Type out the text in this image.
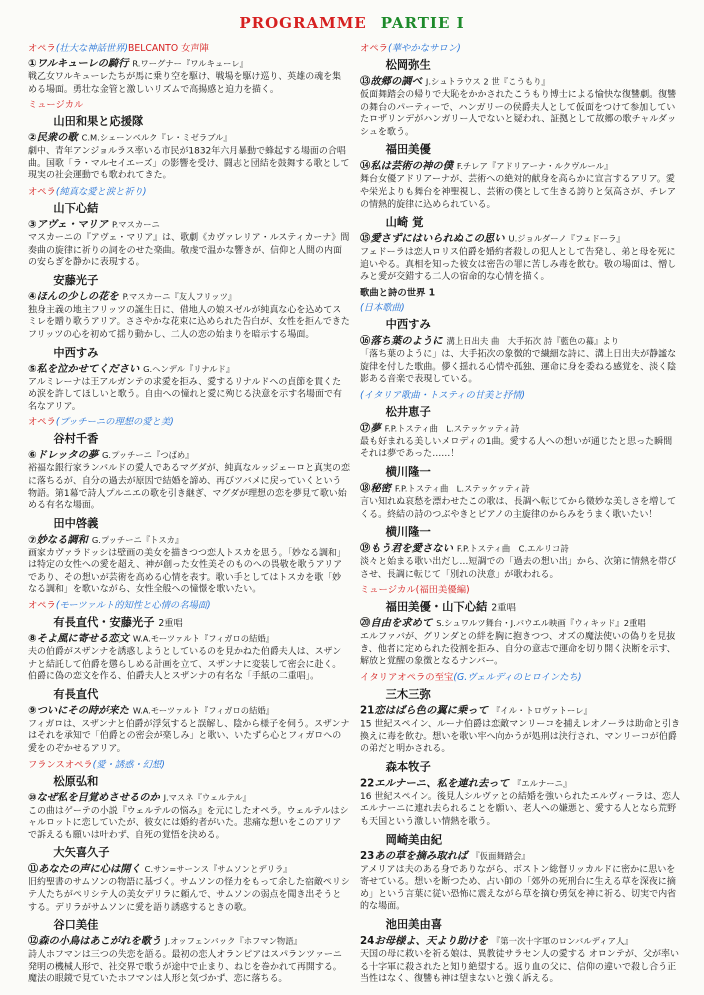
PROGRAMME PARTIE I
オペラ(壮大な神話世界)BELCANTO 女声陣
①ワルキューレの騎行 R.ワーグナー『ワルキューレ』
戦乙女ワルキューレたちが馬に乗り空を駆け、戦場を駆け巡り、英雄の魂を集める場面。勇壮な金管と激しいリズムで高揚感と迫力を描く。
ミュージカル
山田和果と応援隊
②民衆の歌 C.M.シェーンベルク『レ・ミゼラブル』
劇中、青年アンジョルラス率いる市民が1832年六月暴動で蜂起する場面の合唱曲。国歌「ラ・マルセイエーズ」の影響を受け、闘志と団結を鼓舞する歌として現実の社会運動でも歌われてきた。
オペラ(純真な愛と涙と祈り)
山下心結
③アヴェ・マリア P.マスカーニ
マスカーニの『アヴェ・マリア』は、歌劇《カヴァレリア・ルスティカーナ》間奏曲の旋律に祈りの詞をのせた楽曲。敬虔で温かな響きが、信仰と人間の内面の安らぎを静かに表現する。
安藤光子
④ほんの少しの花を P.マスカーニ『友人フリッツ』
独身主義の地主フリッツの誕生日に、借地人の娘スゼルが純真な心を込めてスミレを贈り歌うアリア。ささやかな花束に込められた告白が、女性を拒んできたフリッツの心を初めて揺り動かし、二人の恋の始まりを暗示する場面。
中西すみ
⑤私を泣かせてください G.ヘンデル『リナルド』
アルミレーナは王アルガンテの求愛を拒み、愛するリナルドへの貞節を貫くため涙を許してほしいと歌う。自由への憧れと愛に殉じる決意を示す名場面で有名なアリア。
オペラ(プッチーニの理想の愛と美)
谷村千香
⑥ドレッタの夢 G.プッチーニ『つばめ』
裕福な銀行家ランバルドの愛人であるマグダが、純真なルッジェーロと真実の恋に落ちるが、自分の過去が原因で結婚を諦め、再びツバメに戻っていくという物語。第1幕で詩人プルニエの歌を引き継ぎ、マグダが理想の恋を夢見て歌い始める有名な場面。
田中啓義
⑦妙なる調和 G.プッチーニ『トスカ』
画家カヴァラドッシは壁画の美女を描きつつ恋人トスカを思う。「妙なる調和」は特定の女性への愛を超え、神が創った女性美そのものへの畏敬を歌うアリアであり、その想いが芸術を高める心情を表す。歌い手としてはトスカを歌「妙なる調和」を歌いながら、女性全般への憧憬を歌いたい。
オペラ(モーツァルト的知性と心情の名場面)
有長直代・安藤光子 2重唱
⑧そよ風に寄せる恋文 W.A.モーツァルト『フィガロの結婚』
夫の伯爵がスザンナを誘惑しようとしているのを見かねた伯爵夫人は、スザンナと結託して伯爵を懲らしめる計画を立て、スザンナに変装して密会に赴く。伯爵に偽の恋文を作る、伯爵夫人とスザンナの有名な「手紙の二重唱」。
有長直代
⑨ついにその時が来た W.A.モーツァルト『フィガロの結婚』
フィガロは、スザンナと伯爵が浮気すると誤解し、陰から様子を伺う。スザンナはそれを承知で「伯爵との密会が楽しみ」と歌い、いたずら心とフィガロへの愛をのぞかせるアリア。
フランスオペラ(愛・誘惑・幻想)
松原弘和
⑩なぜ私を目覚めさせるのか J.マスネ『ウェルテル』
この曲はゲーテの小説『ウェルテルの悩み』を元にしたオペラ。ウェルテルはシャルロットに恋していたが、彼女には婚約者がいた。悲痛な想いをこのアリアで訴えるも願いは叶わず、自死の覚悟を決める。
大矢喜久子
⑪あなたの声に心は開く C.サン=サーンス『サムソンとデリラ』
旧約聖書のサムソンの物語に基づく。サムソンの怪力をもって余した宿敵ペリシテ人たちがペリシテ人の美女デリラに頼んで、サムソンの弱点を聞き出そうとする。デリラがサムソンに愛を語り誘惑するときの歌。
谷口美佳
⑫森の小鳥はあこがれを歌う J.オッフェンバック『ホフマン物語』
詩人ホフマンは三つの失恋を語る。最初の恋人オランピアはスパランツァーニ発明の機械人形で、社交界で歌うが途中で止まり、ねじを巻かれて再開する。魔法の眼鏡で見ていたホフマンは人形と気づかず、恋に落ちる。
オペラ(華やかなサロン)
松岡弥生
⑬故郷の調べ J.シュトラウス 2 世『こうもり』
仮面舞踏会の帰りで大恥をかかされたこうもり博士による愉快な復讐劇。復讐の舞台のパーティーで、ハンガリーの侯爵夫人として仮面をつけて参加していたロザリンデがハンガリー人でないと疑われ、証拠として故郷の歌チャルダッシュを歌う。
福田美優
⑭私は芸術の神の僕 F.チレア『アドリアーナ・ルクヴルール』
舞台女優アドリアーナが、芸術への絶対的献身を高らかに宣言するアリア。愛や栄光よりも舞台を神聖視し、芸術の僕として生きる誇りと気高さが、チレアの情熱的旋律に込められている。
山崎 覚
⑮愛さずにはいられぬこの思い U.ジョルダーノ『フェドーラ』
フェドーラは恋人ロリス伯爵を婚約者殺しの犯人として告発し、弟と母を死に追いやる。真相を知った彼女は密告の罪に苦しみ毒を飲む。敬の場面は、憎しみと愛が交錯する二人の宿命的な心情を描く。
歌曲と詩の世界 1
(日本歌曲)
中西すみ
⑯落ち葉のように 溝上日出夫 曲　大手拓次 詩『藍色の蟇』より
「落ち葉のように」は、大手拓次の象徴的で繊細な詩に、溝上日出夫が静謐な旋律を付した歌曲。儚く揺れる心情や孤独、運命に身を委ねる感覚を、淡く陰影ある音楽で表現している。
(イタリア歌曲・トスティの甘美と抒情)
松井恵子
⑰夢 F.P.トスティ曲　L.ステッケッティ詩
最も好まれる美しいメロディの1曲。愛する人への想いが通じたと思った瞬間　それは夢であった……！
横川隆一
⑱秘密 F.P.トスティ曲　L.ステッケッティ詩
言い知れぬ哀愁を漂わせたこの歌は、長調へ転じてから微妙な美しさを増してくる。終結の詩のつぶやきとピアノの主旋律のからみをうまく歌いたい！
横川隆一
⑲もう君を愛さない F.P.トスティ曲　C.エルリコ詩
淡々と始まる歌い出だし…短調での「過去の想い出」から、次第に情熱を帯びさせ、長調に転じて「別れの決意」が歌われる。
ミュージカル(福田美優編)
福田美優・山下心結 2重唱
⑳自由を求めて S.シュワルツ舞台・J.バウエル映画『ウィキッド』2重唱
エルファバが、グリンダとの絆を胸に抱きつつ、オズの魔法使いの偽りを見抜き、他者に定められた役割を拒み、自分の意志で運命を切り開く決断を示す、解放と覚醒の象徴となるナンバー。
イタリアオペラの至宝(G.ヴェルディのヒロインたち)
三木三弥
21恋はばら色の翼に乗って 『イル・トロヴァトーレ』
15 世紀スペイン、ルーナ伯爵は恋敵マンリーコを捕えレオノーラは助命と引き換えに毒を飲む。想いを歌い牢へ向かうが処刑は決行され、マンリーコが伯爵の弟だと明かされる。
森本牧子
22エルナーニ、私を連れ去って 『エルナーニ』
16 世紀スペイン。後見人シルヴァとの結婚を強いられたエルヴィーラは、恋人エルナーニに連れ去られることを願い、老人への嫌悪と、愛する人となら荒野も天国という激しい情熱を歌う。
岡崎美由紀
23あの草を摘み取れば 『仮面舞踏会』
アメリアは夫のある身でありながら、ボストン総督リッカルドに密かに思いを寄せている。想いを断つため、占い師の「郊外の死刑台に生える草を深夜に摘め」という言葉に従い恐怖に震えながら草を摘む勇気を神に祈る、切実で内省的な場面。
池田美由喜
24お母様よ、天より助けを 『第一次十字軍のロンバルディア人』
天国の母に救いを祈る娘は、異教徒サラセン人の愛する オロンテが、父が率いる十字軍に殺されたと知り絶望する。返り血の父に、信仰の違いで殺し合う正当性はなく、復讐も神は望まないと強く訴える。
